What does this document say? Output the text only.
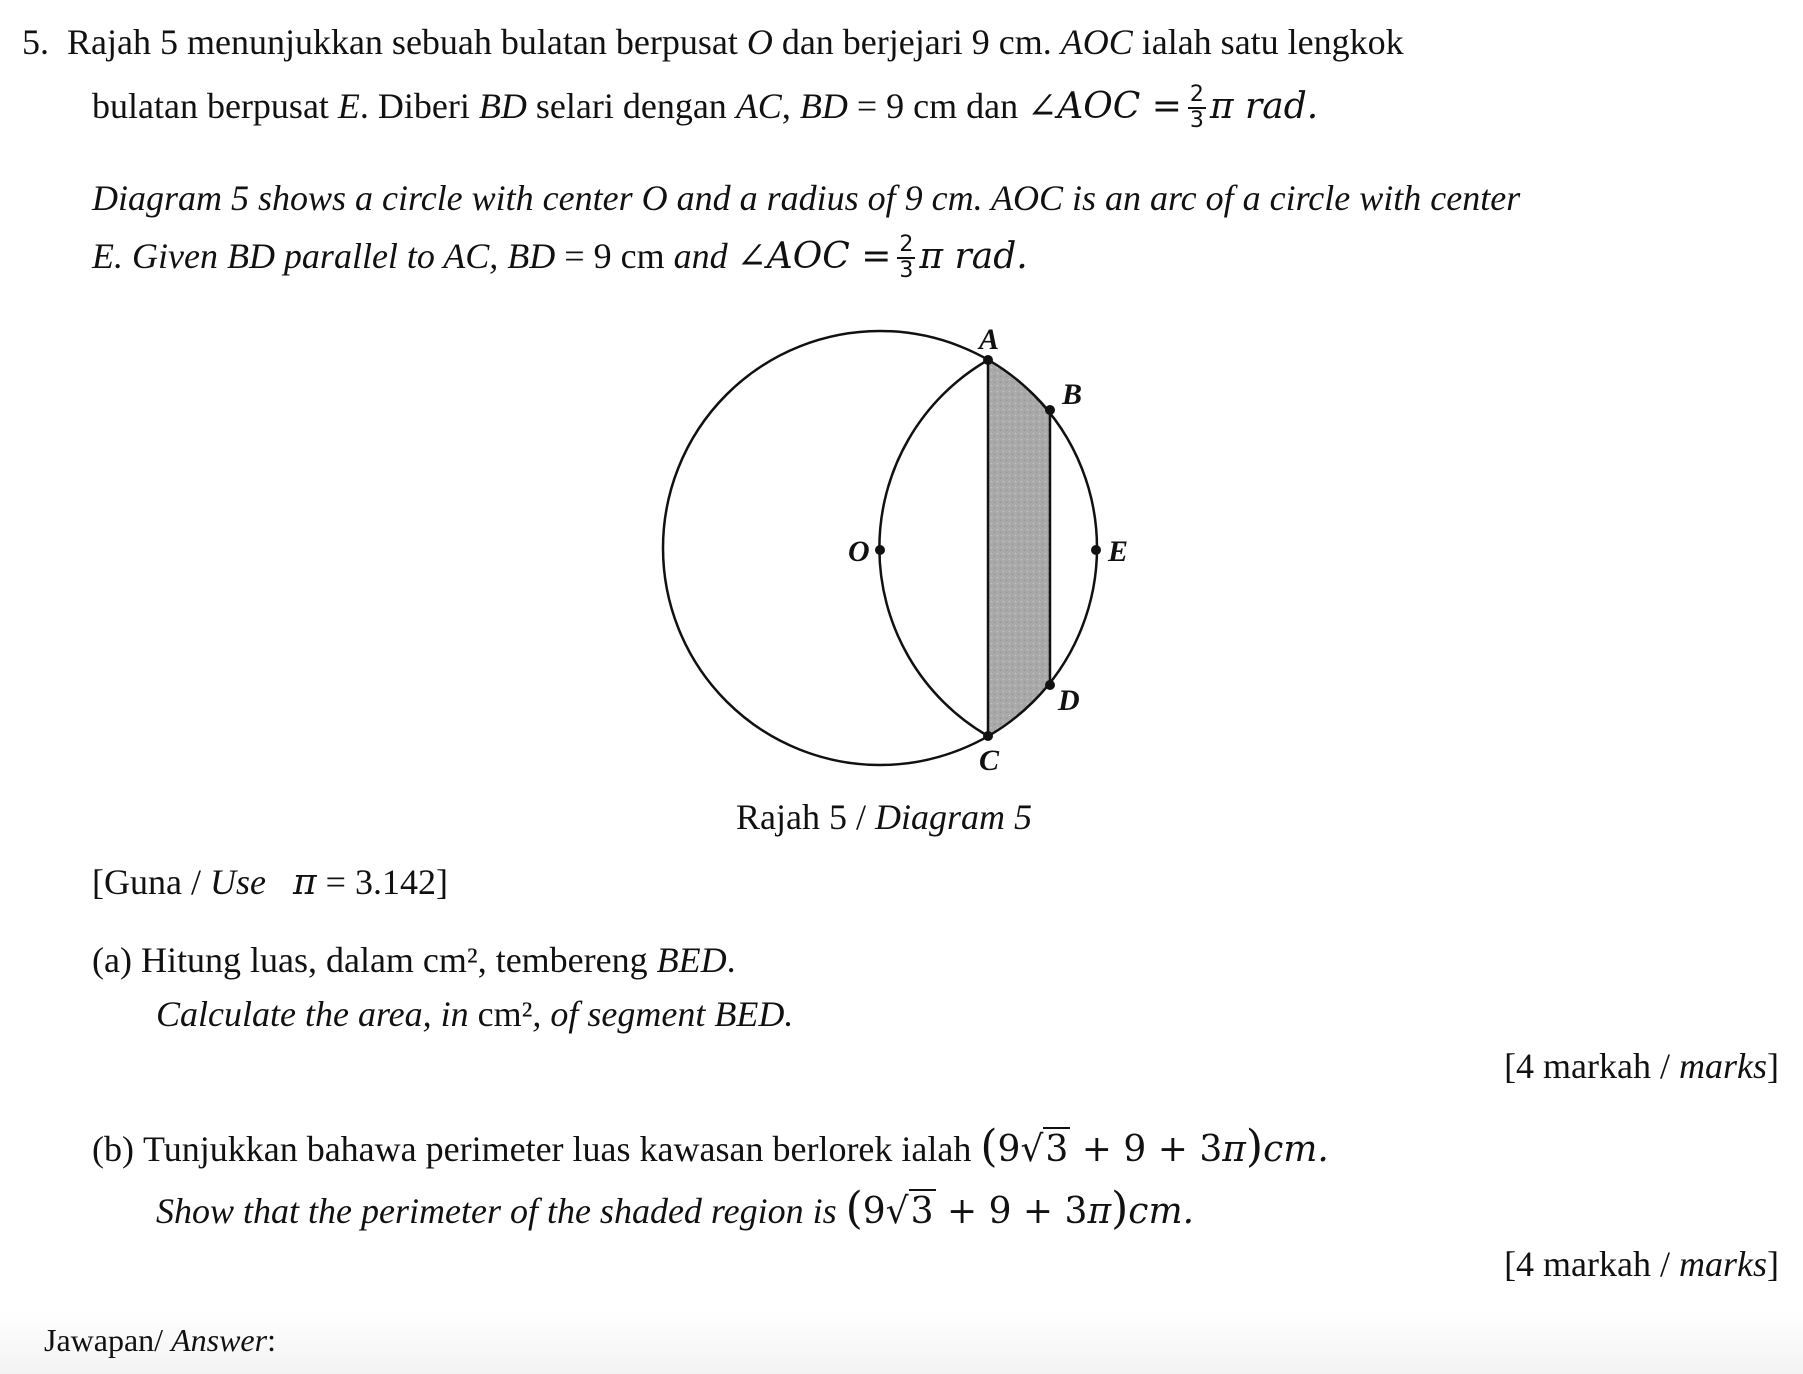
5. Rajah 5 menunjukkan sebuah bulatan berpusat O dan berjejari 9 cm. AOC ialah satu lengkok
bulatan berpusat E. Diberi BD selari dengan AC, BD = 9 cm dan ∠AOC = $\frac{2}{3}$ π rad.
Diagram 5 shows a circle with center O and a radius of 9 cm. AOC is an arc of a circle with center
E. Given BD parallel to AC, BD = 9 cm and ∠AOC = $\frac{2}{3}$ π rad.
A
B
O	E
D
C
Rajah 5 / Diagram 5
[Guna / Use π = 3.142]
(a) Hitung luas, dalam cm², tembereng BED.
Calculate the area, in cm², of segment BED.
[4 markah / marks]
(b) Tunjukkan bahawa perimeter luas kawasan berlorek ialah (9√3 + 9 + 3π)cm.
Show that the perimeter of the shaded region is (9√3 + 9 + 3π)cm.
[4 markah / marks]
Jawapan/ Answer:
